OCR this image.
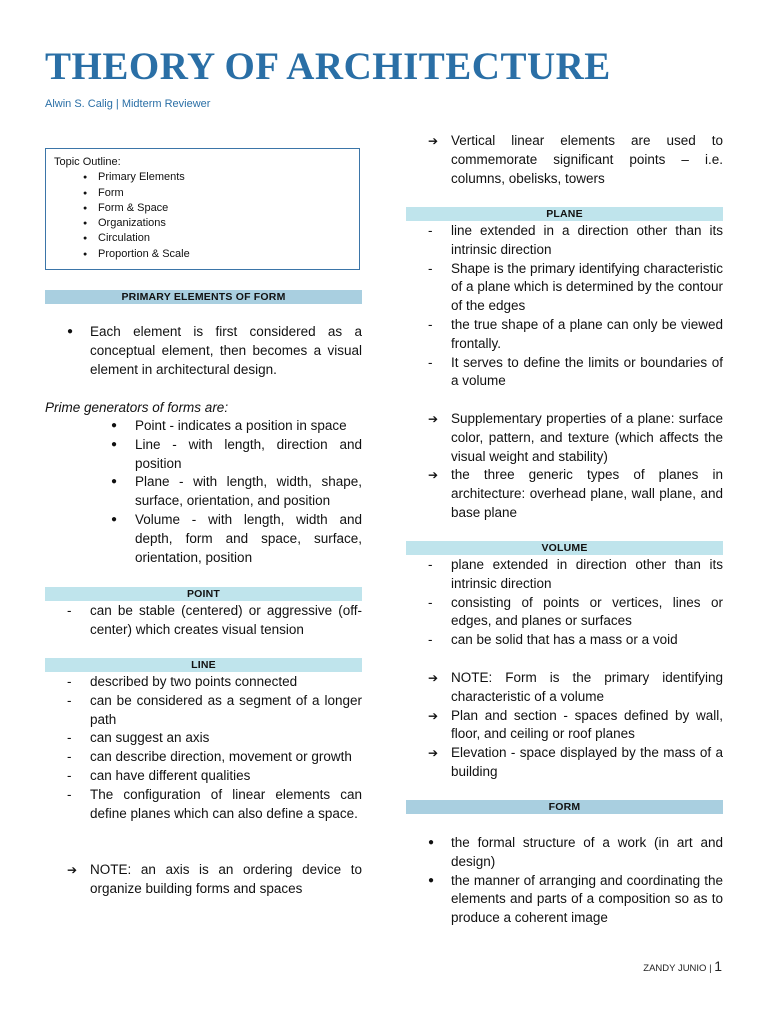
THEORY OF ARCHITECTURE
Alwin S. Calig | Midterm Reviewer
Topic Outline:
● Primary Elements
● Form
● Form & Space
● Organizations
● Circulation
● Proportion & Scale
PRIMARY ELEMENTS OF FORM
● Each element is first considered as a conceptual element, then becomes a visual element in architectural design.
Prime generators of forms are:
● Point - indicates a position in space
● Line - with length, direction and position
● Plane - with length, width, shape, surface, orientation, and position
● Volume - with length, width and depth, form and space, surface, orientation, position
POINT
- can be stable (centered) or aggressive (off-center) which creates visual tension
LINE
- described by two points connected
- can be considered as a segment of a longer path
- can suggest an axis
- can describe direction, movement or growth
- can have different qualities
- The configuration of linear elements can define planes which can also define a space.
➔ NOTE: an axis is an ordering device to organize building forms and spaces
➔ Vertical linear elements are used to commemorate significant points – i.e. columns, obelisks, towers
PLANE
- line extended in a direction other than its intrinsic direction
- Shape is the primary identifying characteristic of a plane which is determined by the contour of the edges
- the true shape of a plane can only be viewed frontally.
- It serves to define the limits or boundaries of a volume
➔ Supplementary properties of a plane: surface color, pattern, and texture (which affects the visual weight and stability)
➔ the three generic types of planes in architecture: overhead plane, wall plane, and base plane
VOLUME
- plane extended in direction other than its intrinsic direction
- consisting of points or vertices, lines or edges, and planes or surfaces
- can be solid that has a mass or a void
➔ NOTE: Form is the primary identifying characteristic of a volume
➔ Plan and section - spaces defined by wall, floor, and ceiling or roof planes
➔ Elevation - space displayed by the mass of a building
FORM
● the formal structure of a work (in art and design)
● the manner of arranging and coordinating the elements and parts of a composition so as to produce a coherent image
ZANDY JUNIO | 1
